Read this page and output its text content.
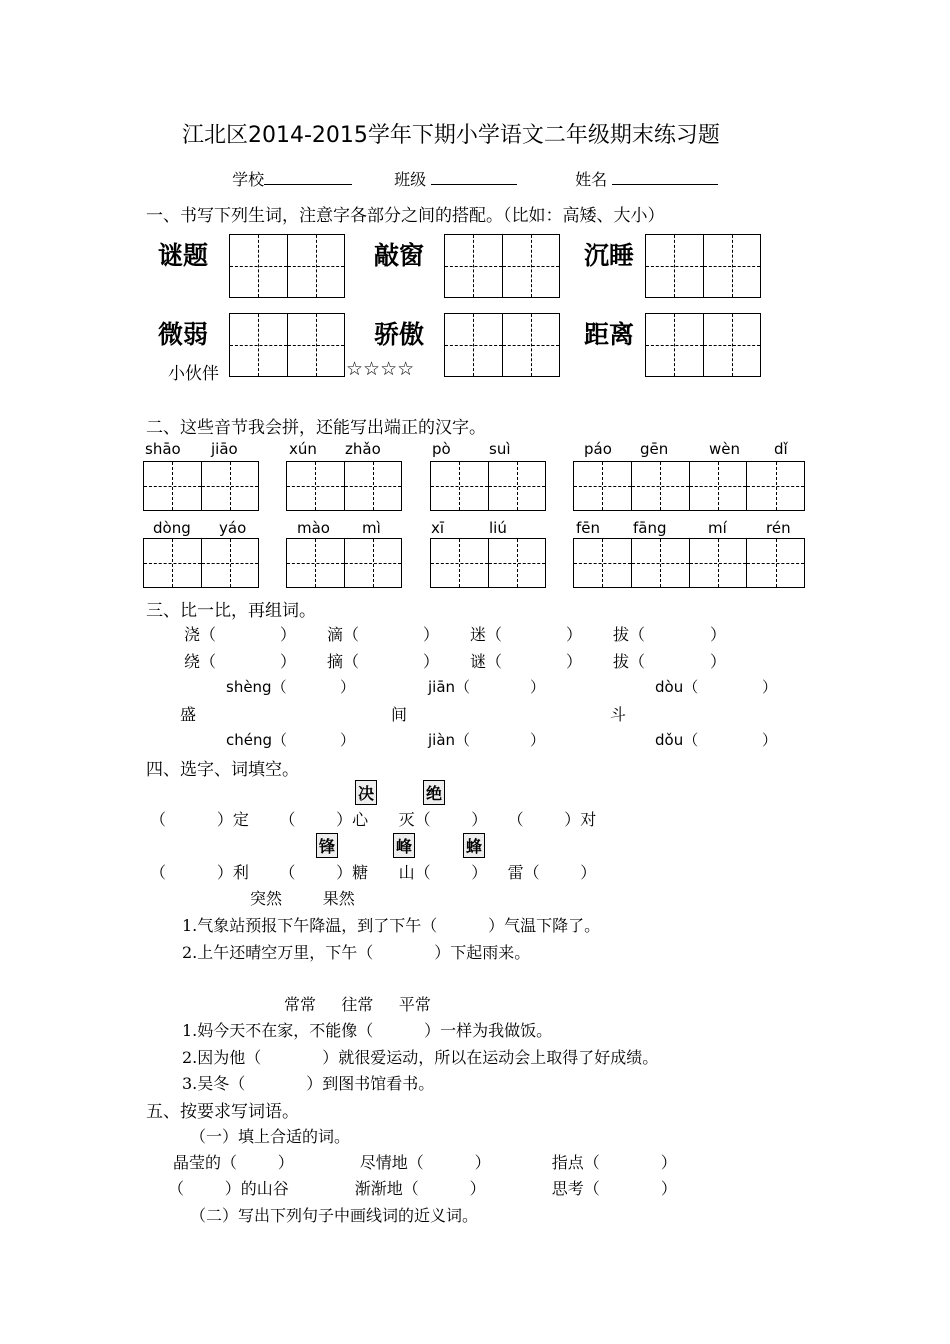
江北区2014-2015学年下期小学语文二年级期末练习题

学校	班级	姓名

一、书写下列生词，注意字各部分之间的搭配。（比如：高矮、大小）
谜题	敲窗	沉睡
微弱	骄傲	距离
小伙伴	☆☆☆☆
二、这些音节我会拼，还能写出端正的汉字。
shāo jiāo	xún zhǎo	pò	suì	páo gēn	wèn dǐ
dòng yáo	mào mì	xī	liú	fēn fāng	mí	rén
三、比一比，再组词。
浇（	） 滴（	） 迷（	） 拔（	）
绕（	） 摘（	） 谜（	） 拔（	）
shèng（	）	jiān（	）	dòu（	）
盛	间	斗
chéng（	）	jiàn（	）	dǒu（	）
四、选字、词填空。
决	绝
（          ）定      （        ）心      灭（        ）    （        ）对
锋	峰	蜂
（          ）利      （        ）糖      山（        ）    雷（        ）
突然        果然
1.气象站预报下午降温，到了下午（          ）气温下降了。
2.上午还晴空万里，下午（            ）下起雨来。
常常     往常     平常
1.妈今天不在家，不能像（          ）一样为我做饭。
2.因为他（            ）就很爱运动，所以在运动会上取得了好成绩。
3.吴冬（            ）到图书馆看书。
五、按要求写词语。
（一）填上合适的词。
晶莹的（        ）             尽情地（          ）            指点（            ）
（        ）的山谷             渐渐地（          ）             思考（            ）
（二）写出下列句子中画线词的近义词。
